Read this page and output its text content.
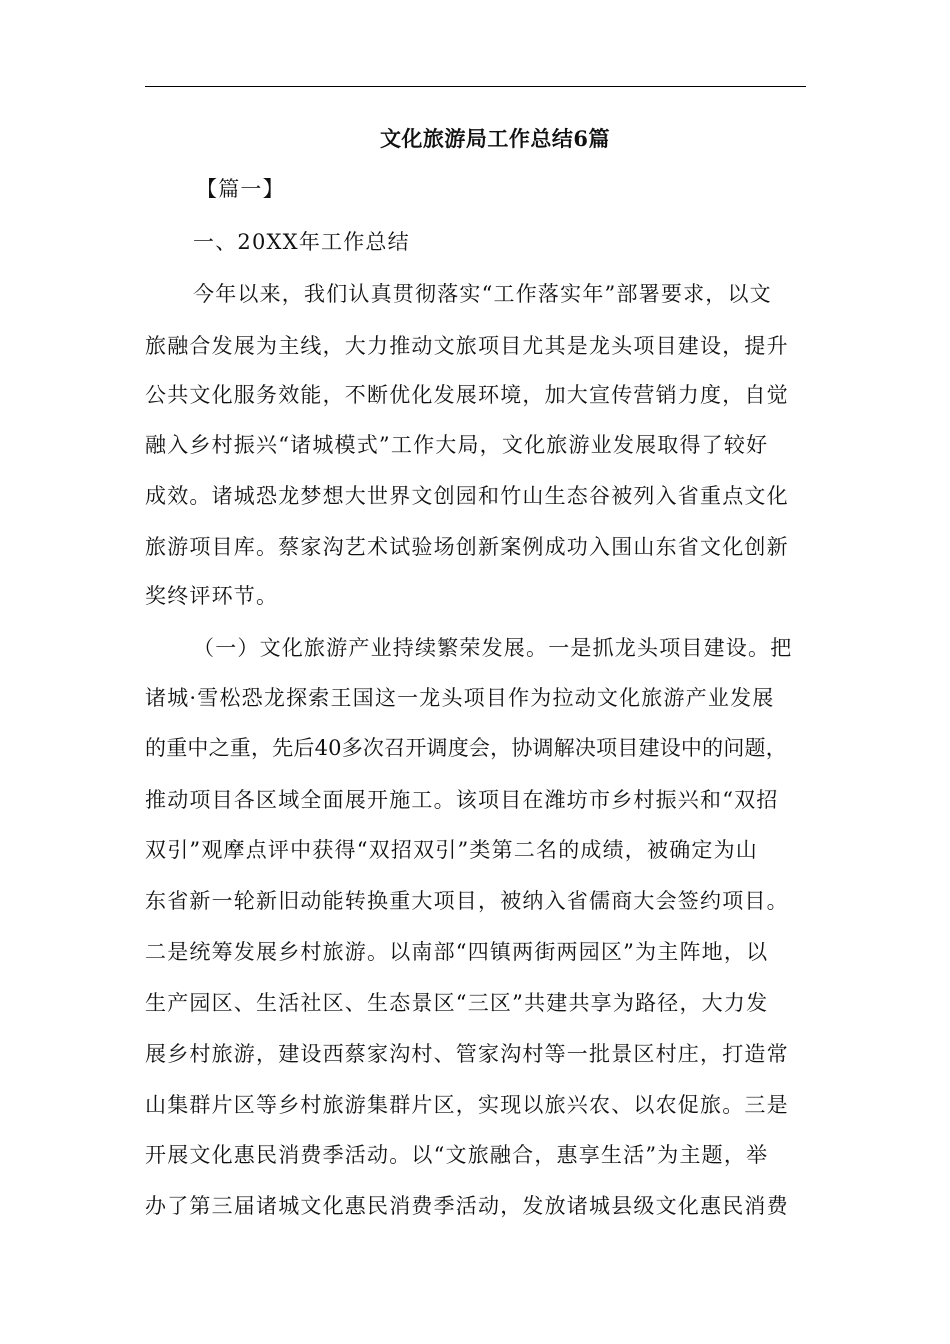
文化旅游局工作总结6篇
【篇一】
一、20XX年工作总结
今年以来，我们认真贯彻落实“工作落实年”部署要求，以文
旅融合发展为主线，大力推动文旅项目尤其是龙头项目建设，提升
公共文化服务效能，不断优化发展环境，加大宣传营销力度，自觉
融入乡村振兴“诸城模式”工作大局，文化旅游业发展取得了较好
成效。诸城恐龙梦想大世界文创园和竹山生态谷被列入省重点文化
旅游项目库。蔡家沟艺术试验场创新案例成功入围山东省文化创新
奖终评环节。
（一）文化旅游产业持续繁荣发展。一是抓龙头项目建设。把
诸城·雪松恐龙探索王国这一龙头项目作为拉动文化旅游产业发展
的重中之重，先后40多次召开调度会，协调解决项目建设中的问题，
推动项目各区域全面展开施工。该项目在潍坊市乡村振兴和“双招
双引”观摩点评中获得“双招双引”类第二名的成绩，被确定为山
东省新一轮新旧动能转换重大项目，被纳入省儒商大会签约项目。
二是统筹发展乡村旅游。以南部“四镇两街两园区”为主阵地，以
生产园区、生活社区、生态景区“三区”共建共享为路径，大力发
展乡村旅游，建设西蔡家沟村、管家沟村等一批景区村庄，打造常
山集群片区等乡村旅游集群片区，实现以旅兴农、以农促旅。三是
开展文化惠民消费季活动。以“文旅融合，惠享生活”为主题，举
办了第三届诸城文化惠民消费季活动，发放诸城县级文化惠民消费
